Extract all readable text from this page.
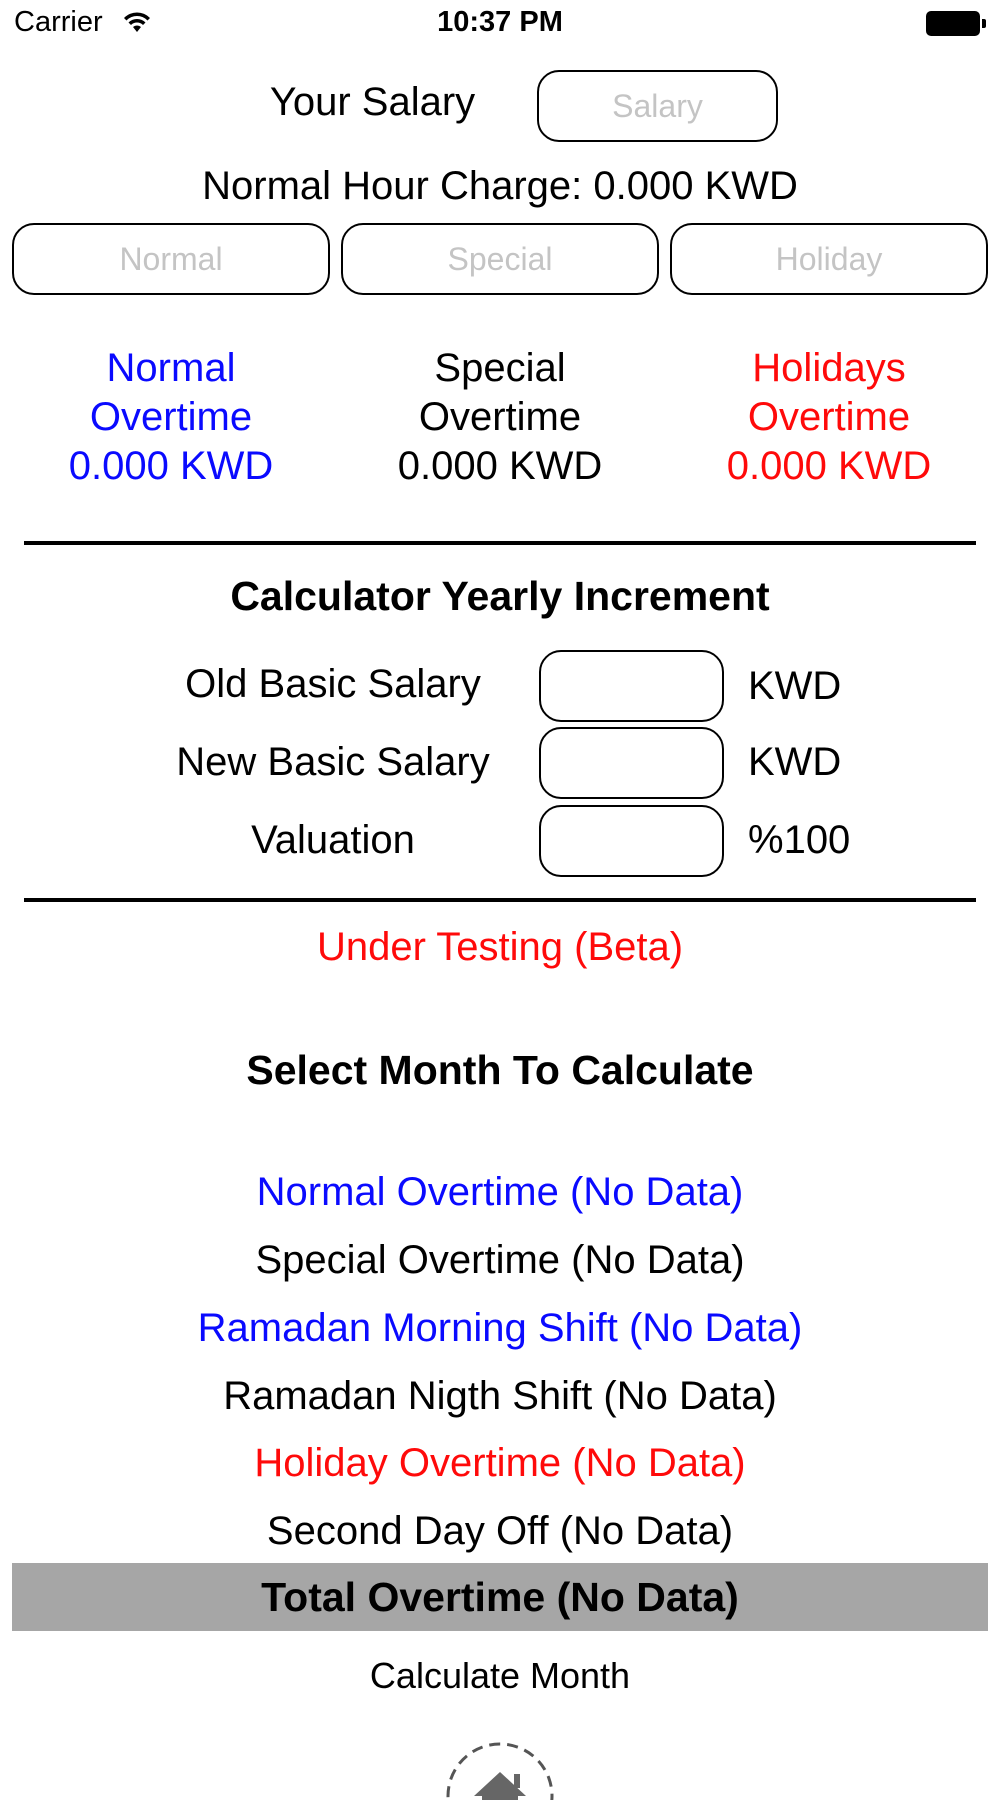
Carrier	10:37 PM
Your Salary
Salary
Normal Hour Charge: 0.000 KWD
Normal
Special
Holiday
Normal
Overtime
0.000 KWD
Special
Overtime
0.000 KWD
Holidays
Overtime
0.000 KWD
Calculator Yearly Increment
Old Basic Salary	KWD
New Basic Salary	KWD
Valuation	%100
Under Testing (Beta)
Select Month To Calculate
Normal Overtime (No Data)
Special Overtime (No Data)
Ramadan Morning Shift (No Data)
Ramadan Nigth Shift (No Data)
Holiday Overtime (No Data)
Second Day Off (No Data)
Total Overtime (No Data)
Calculate Month
